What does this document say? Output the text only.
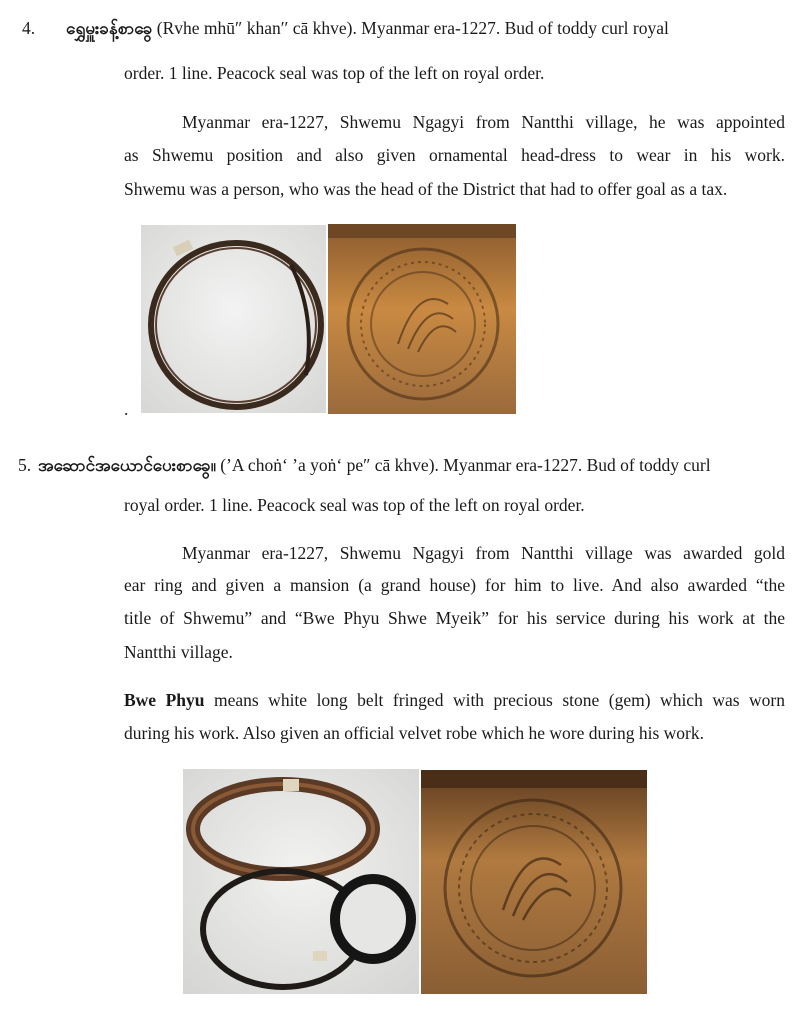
4. ရွှေမှူးခန့်စာခွေ (Rvhe mhū″ khan′′ cā khve). Myanmar era-1227. Bud of toddy curl royal
order. 1 line. Peacock seal was top of the left on royal order.
Myanmar era-1227, Shwemu Ngagyi from Nantthi village, he was appointed
as Shwemu position and also given ornamental head-dress to wear in his work.
Shwemu was a person, who was the head of the District that had to offer goal as a tax.
.
5. အဆောင်အယောင်ပေးစာခွေ။ (’A choṅ‘ ’a yoṅ‘ pe″ cā khve). Myanmar era-1227. Bud of toddy curl
royal order. 1 line. Peacock seal was top of the left on royal order.
Myanmar era-1227, Shwemu Ngagyi from Nantthi village was awarded gold
ear ring and given a mansion (a grand house) for him to live. And also awarded “the
title of Shwemu” and “Bwe Phyu Shwe Myeik” for his service during his work at the
Nantthi village.
Bwe Phyu means white long belt fringed with precious stone (gem) which was worn
during his work. Also given an official velvet robe which he wore during his work.
